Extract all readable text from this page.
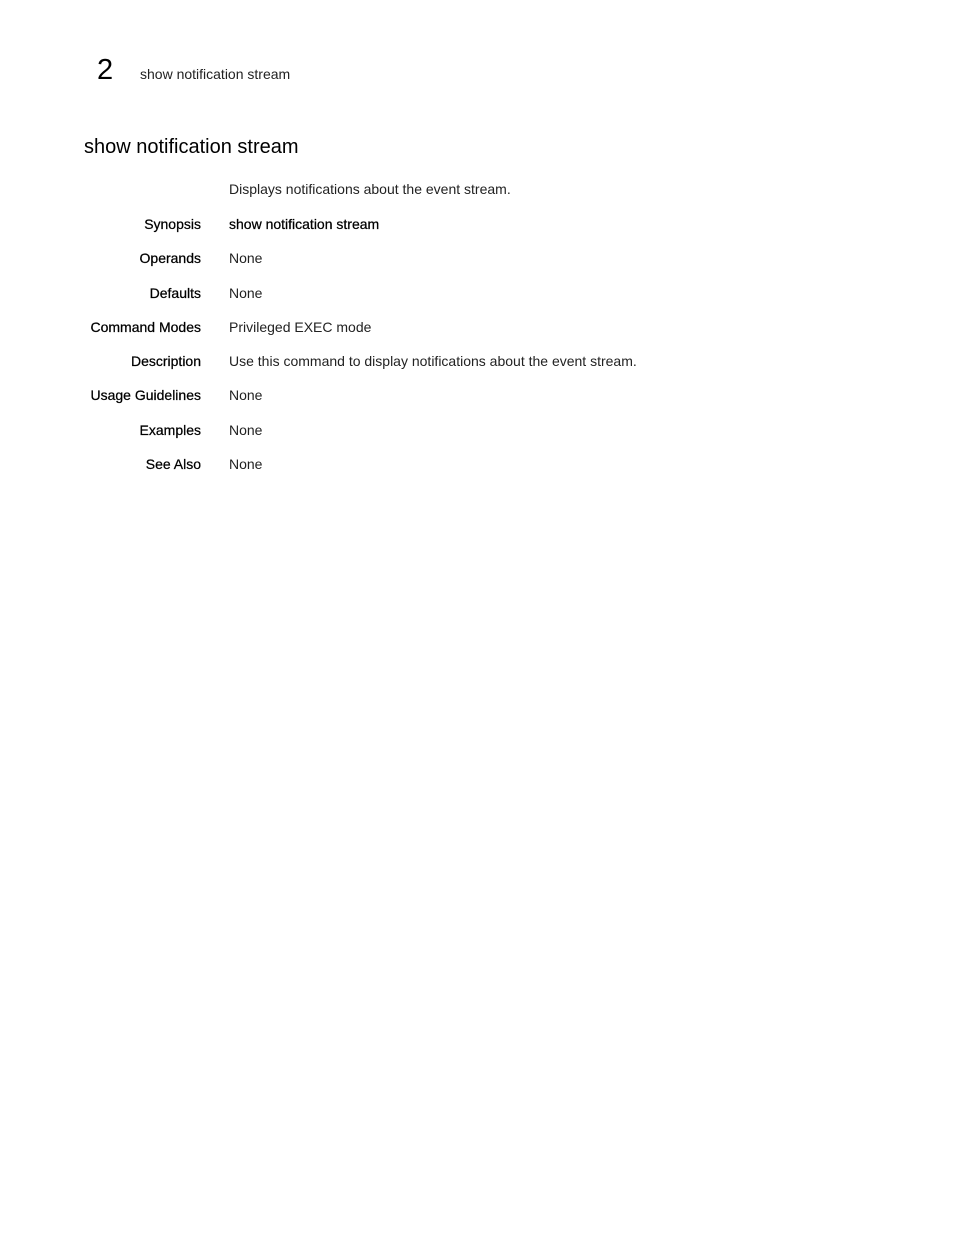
2 show notification stream
show notification stream
Displays notifications about the event stream.
Synopsis show notification stream
Operands None
Defaults None
Command Modes Privileged EXEC mode
Description Use this command to display notifications about the event stream.
Usage Guidelines None
Examples None
See Also None
